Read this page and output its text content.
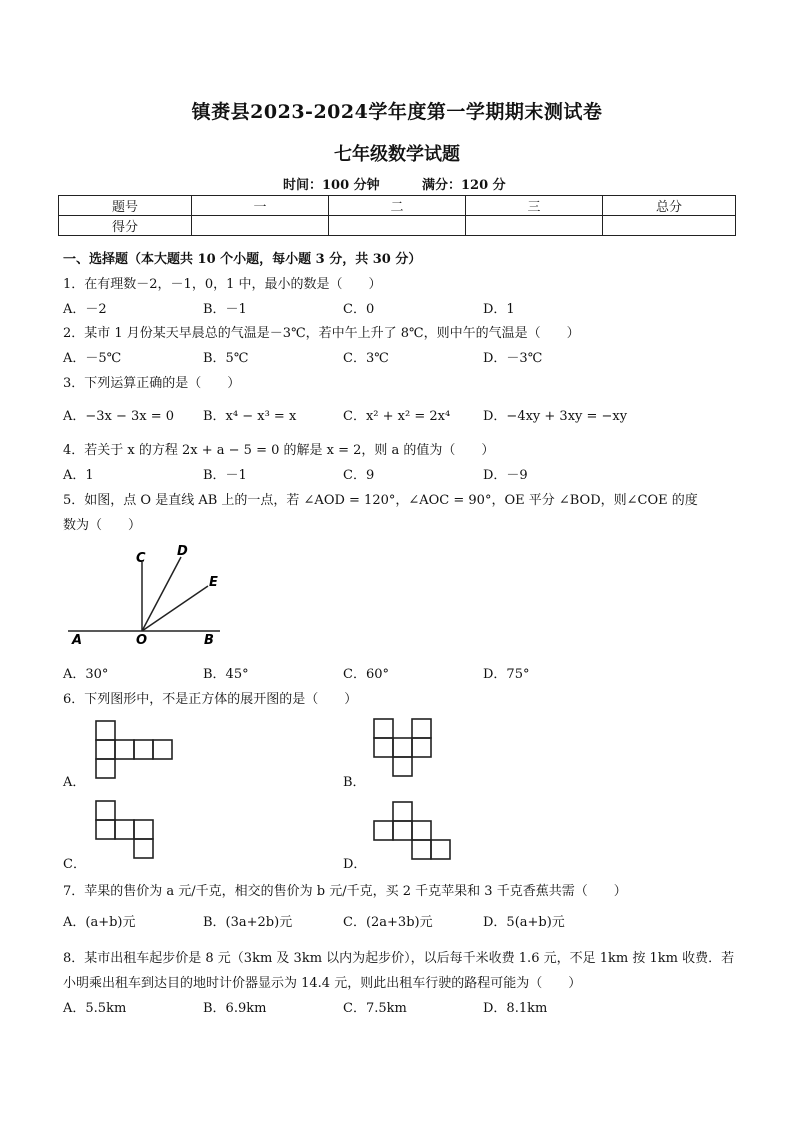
镇赉县2023-2024学年度第一学期期末测试卷
七年级数学试题
时间：100 分钟	满分：120 分
题号	一	二	三	总分
得分				
一、选择题（本大题共 10 个小题，每小题 3 分，共 30 分）
1．在有理数－2，－1，0，1 中，最小的数是（　　）
A．－2	B．－1	C．0	D．1
2．某市 1 月份某天早晨总的气温是－3℃，若中午上升了 8℃，则中午的气温是（　　）
A．－5℃	B．5℃	C．3℃	D．－3℃
3．下列运算正确的是（　　）
A．−3x − 3x = 0 B．x⁴ − x³ = x	C．x² + x² = 2x⁴	D．−4xy + 3xy = −xy
4．若关于 x 的方程 2x + a − 5 = 0 的解是 x = 2，则 a 的值为（　　）
A．1	B．－1	C．9	D．－9
5．如图，点 O 是直线 AB 上的一点，若 ∠AOD = 120°，∠AOC = 90°，OE 平分 ∠BOD，则∠COE 的度
数为（　　）
C D
E
A	O	B
A．30°	B．45°	C．60°	D．75°
6．下列图形中，不是正方体的展开图的是（　　）
A．	B．
C．	D．
7．苹果的售价为 a 元/千克，相交的售价为 b 元/千克，买 2 千克苹果和 3 千克香蕉共需（　　）
A．(a+b)元	B．(3a+2b)元	C．(2a+3b)元	D．5(a+b)元
8．某市出租车起步价是 8 元（3km 及 3km 以内为起步价），以后每千米收费 1.6 元，不足 1km 按 1km 收费．若
小明乘出租车到达目的地时计价器显示为 14.4 元，则此出租车行驶的路程可能为（　　）
A．5.5km	B．6.9km	C．7.5km	D．8.1km
